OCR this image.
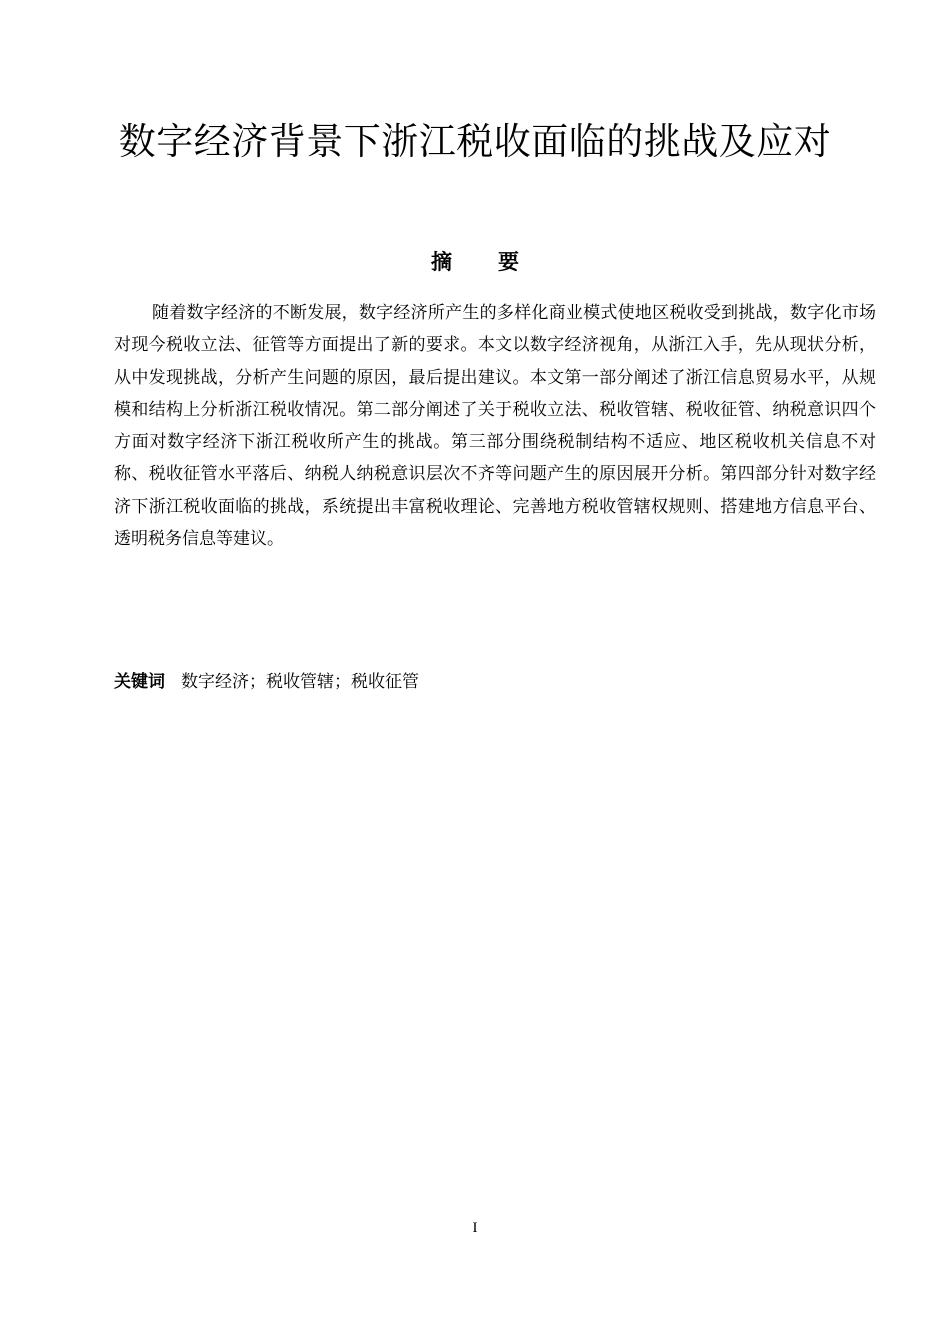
数字经济背景下浙江税收面临的挑战及应对
摘要

随着数字经济的不断发展，数字经济所产生的多样化商业模式使地区税收受到挑战，数字化市场对现今税收立法、征管等方面提出了新的要求。本文以数字经济视角，从浙江入手，先从现状分析，从中发现挑战，分析产生问题的原因，最后提出建议。本文第一部分阐述了浙江信息贸易水平，从规模和结构上分析浙江税收情况。第二部分阐述了关于税收立法、税收管辖、税收征管、纳税意识四个方面对数字经济下浙江税收所产生的挑战。第三部分围绕税制结构不适应、地区税收机关信息不对称、税收征管水平落后、纳税人纳税意识层次不齐等问题产生的原因展开分析。第四部分针对数字经济下浙江税收面临的挑战，系统提出丰富税收理论、完善地方税收管辖权规则、搭建地方信息平台、透明税务信息等建议。

关键词 数字经济；税收管辖；税收征管

I
